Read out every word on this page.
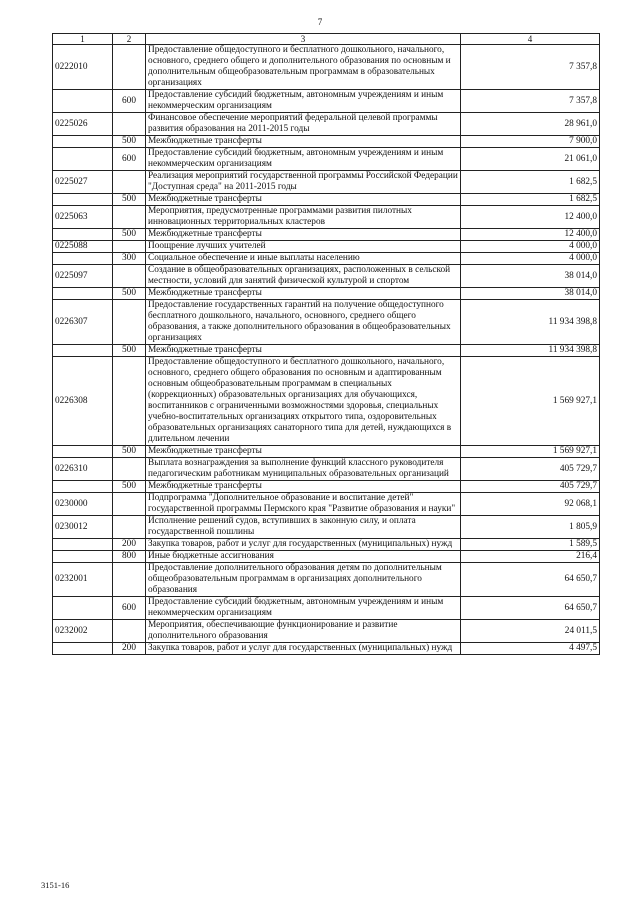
7
1	2	3	4
0222010		Предоставление общедоступного и бесплатного дошкольного, начального, основного, среднего общего и дополнительного образования по основным и дополнительным общеобразовательным программам в образовательных организациях	7 357,8
	600	Предоставление субсидий бюджетным, автономным учреждениям и иным некоммерческим организациям	7 357,8
0225026		Финансовое обеспечение мероприятий федеральной целевой программы развития образования на 2011-2015 годы	28 961,0
	500	Межбюджетные трансферты	7 900,0
	600	Предоставление субсидий бюджетным, автономным учреждениям и иным некоммерческим организациям	21 061,0
0225027		Реализация мероприятий государственной программы Российской Федерации "Доступная среда" на 2011-2015 годы	1 682,5
	500	Межбюджетные трансферты	1 682,5
0225063		Мероприятия, предусмотренные программами развития пилотных инновационных территориальных кластеров	12 400,0
	500	Межбюджетные трансферты	12 400,0
0225088		Поощрение лучших учителей	4 000,0
	300	Социальное обеспечение и иные выплаты населению	4 000,0
0225097		Создание в общеобразовательных организациях, расположенных в сельской местности, условий для занятий физической культурой и спортом	38 014,0
	500	Межбюджетные трансферты	38 014,0
0226307		Предоставление государственных гарантий на получение общедоступного бесплатного дошкольного, начального, основного, среднего общего образования, а также дополнительного образования в общеобразовательных организациях	11 934 398,8
	500	Межбюджетные трансферты	11 934 398,8
0226308		Предоставление общедоступного и бесплатного дошкольного, начального, основного, среднего общего образования по основным и адаптированным основным общеобразовательным программам в специальных (коррекционных) образовательных организациях для обучающихся, воспитанников с ограниченными возможностями здоровья, специальных учебно-воспитательных организациях открытого типа, оздоровительных образовательных организациях санаторного типа для детей, нуждающихся в длительном лечении	1 569 927,1
	500	Межбюджетные трансферты	1 569 927,1
0226310		Выплата вознаграждения за выполнение функций классного руководителя педагогическим работникам муниципальных образовательных организаций	405 729,7
	500	Межбюджетные трансферты	405 729,7
0230000		Подпрограмма "Дополнительное образование и воспитание детей" государственной программы Пермского края "Развитие образования и науки"	92 068,1
0230012		Исполнение решений судов, вступивших в законную силу, и оплата государственной пошлины	1 805,9
	200	Закупка товаров, работ и услуг для государственных (муниципальных) нужд	1 589,5
	800	Иные бюджетные ассигнования	216,4
0232001		Предоставление дополнительного образования детям по дополнительным общеобразовательным программам в организациях дополнительного образования	64 650,7
	600	Предоставление субсидий бюджетным, автономным учреждениям и иным некоммерческим организациям	64 650,7
0232002		Мероприятия, обеспечивающие функционирование и развитие дополнительного образования	24 011,5
	200	Закупка товаров, работ и услуг для государственных (муниципальных) нужд	4 497,5
3151-16
